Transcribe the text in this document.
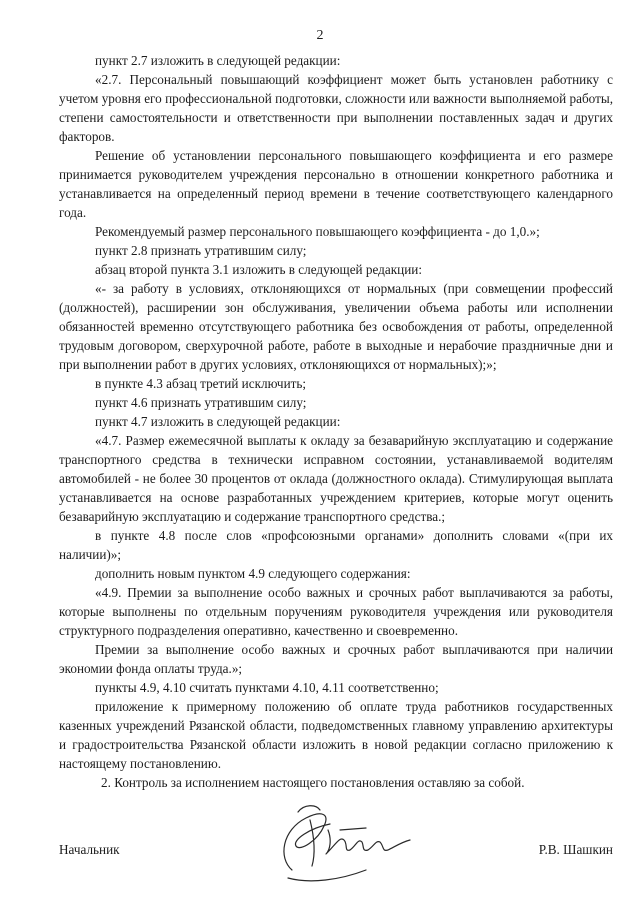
2

пункт 2.7 изложить в следующей редакции:

«2.7. Персональный повышающий коэффициент может быть установлен работнику с учетом уровня его профессиональной подготовки, сложности или важности выполняемой работы, степени самостоятельности и ответственности при выполнении поставленных задач и других факторов.

Решение об установлении персонального повышающего коэффициента и его размере принимается руководителем учреждения персонально в отношении конкретного работника и устанавливается на определенный период времени в течение соответствующего календарного года.

Рекомендуемый размер персонального повышающего коэффициента - до 1,0.»;

пункт 2.8 признать утратившим силу;

абзац второй пункта 3.1 изложить в следующей редакции:

«- за работу в условиях, отклоняющихся от нормальных (при совмещении профессий (должностей), расширении зон обслуживания, увеличении объема работы или исполнении обязанностей временно отсутствующего работника без освобождения от работы, определенной трудовым договором, сверхурочной работе, работе в выходные и нерабочие праздничные дни и при выполнении работ в других условиях, отклоняющихся от нормальных);»;

в пункте 4.3 абзац третий исключить;

пункт 4.6 признать утратившим силу;

пункт 4.7 изложить в следующей редакции:

«4.7. Размер ежемесячной выплаты к окладу за безаварийную эксплуатацию и содержание транспортного средства в технически исправном состоянии, устанавливаемой водителям автомобилей - не более 30 процентов от оклада (должностного оклада). Стимулирующая выплата устанавливается на основе разработанных учреждением критериев, которые могут оценить безаварийную эксплуатацию и содержание транспортного средства.;

в пункте 4.8 после слов «профсоюзными органами» дополнить словами «(при их наличии)»;

дополнить новым пунктом 4.9 следующего содержания:

«4.9. Премии за выполнение особо важных и срочных работ выплачиваются за работы, которые выполнены по отдельным поручениям руководителя учреждения или руководителя структурного подразделения оперативно, качественно и своевременно.

Премии за выполнение особо важных и срочных работ выплачиваются при наличии экономии фонда оплаты труда.»;

пункты 4.9, 4.10 считать пунктами 4.10, 4.11 соответственно;

приложение к примерному положению об оплате труда работников государственных казенных учреждений Рязанской области, подведомственных главному управлению архитектуры и градостроительства Рязанской области изложить в новой редакции согласно приложению к настоящему постановлению.

2. Контроль за исполнением настоящего постановления оставляю за собой.

Начальник	Р.В. Шашкин
